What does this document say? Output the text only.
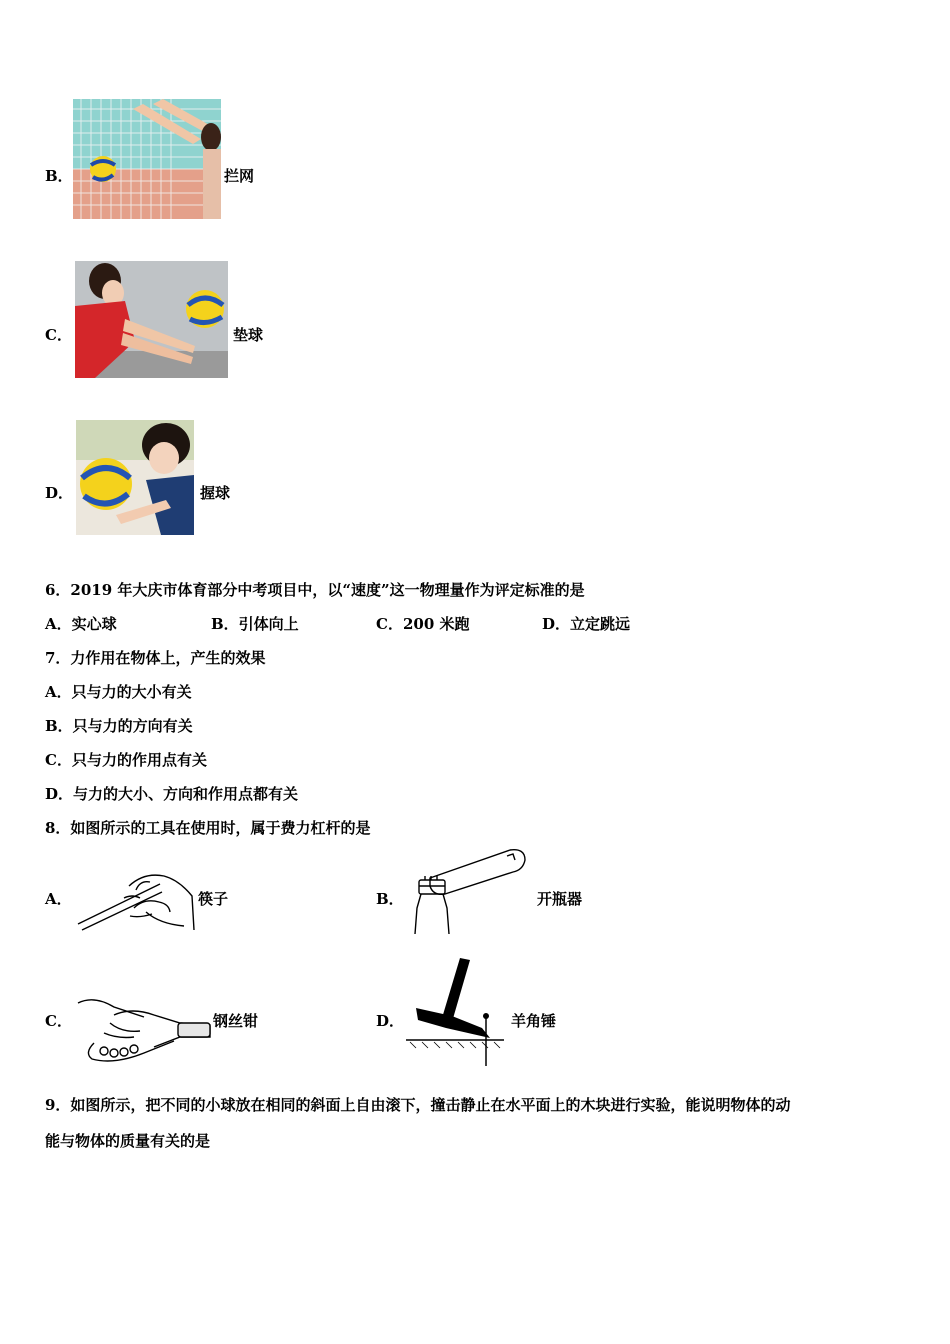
B．	拦网
C．	垫球
D．	握球
6．2019 年大庆市体育部分中考项目中，以“速度”这一物理量作为评定标准的是
A．实心球	B．引体向上	C．200 米跑	D．立定跳远
7．力作用在物体上，产生的效果
A．只与力的大小有关
B．只与力的方向有关
C．只与力的作用点有关
D．与力的大小、方向和作用点都有关
8．如图所示的工具在使用时，属于费力杠杆的是
A．	筷子	B．	开瓶器
C．	钢丝钳	D．	羊角锤
9．如图所示，把不同的小球放在相同的斜面上自由滚下，撞击静止在水平面上的木块进行实验，能说明物体的动
能与物体的质量有关的是
